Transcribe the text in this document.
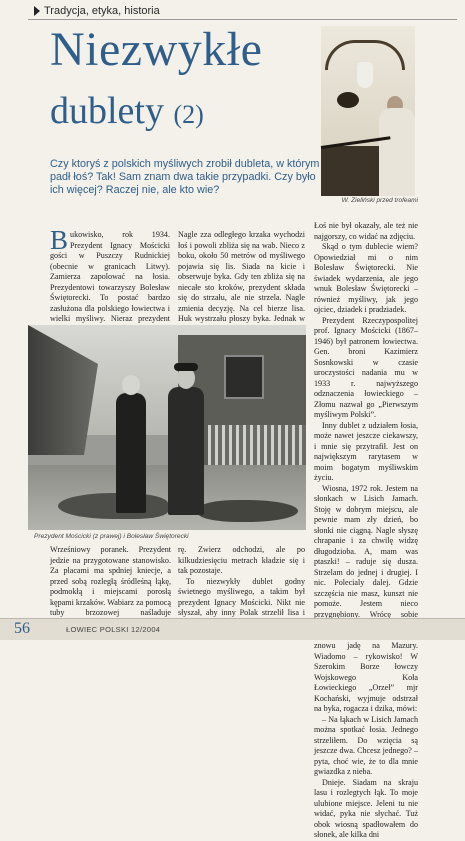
Tradycja, etyka, historia
Niezwykłe
dublety (2)
W. Zieliński przed trofeami
Czy ktoryś z polskich myśliwych zrobił dubleta, w którym padł łoś? Tak! Sam znam dwa takie przypadki. Czy było ich więcej? Raczej nie, ale kto wie?

Bukowisko, rok 1934. Prezydent Ignacy Mościcki gości w Puszczy Rudnickiej (obecnie w granicach Litwy). Zamierza zapolować na łosia. Prezydentowi towarzyszy Bolesław Świętorecki. To postać bardzo zasłużona dla polskiego łowiectwa i wielki myśliwy. Nieraz prezydent

Nagle zza odległego krzaka wychodzi łoś i powoli zbliża się na wab. Nieco z boku, około 50 metrów od myśliwego pojawia się lis. Siada na kicie i obserwuje byka. Gdy ten zbliża się na niecałe sto kroków, prezydent składa się do strzału, ale nie strzela. Nagle zmienia decyzję. Na cel bierze lisa. Huk wystrzału płoszy byka. Jednak w

Łoś nie był okazały, ale też nie najgorszy, co widać na zdjęciu.

Skąd o tym dublecie wiem? Opowiedział mi o nim Bolesław Świętorecki. Nie świadek wydarzenia, ale jego wnuk Bolesław Świętorecki – również myśliwy, jak jego ojciec, dziadek i pradziadek.

Prezydent Rzeczypospolitej prof. Ignacy Mościcki (1867–1946) był patronem łowiectwa. Gen. broni Kazimierz Sosnkowski w czasie uroczystości nadania mu w 1933 r. najwyższego odznaczenia łowieckiego – Złomu nazwał go „Pierwszym myśliwym Polski”.

Inny dublet z udziałem łosia, może nawet jeszcze ciekawszy, i mnie się przytrafił. Jest on największym rarytasem w moim bogatym myśliwskim życiu.

Wiosna, 1972 rok. Jestem na słonkach w Lisich Jamach. Stoję w dobrym miejscu, ale pewnie mam zły dzień, bo słonki nie ciągną. Nagle słyszę chrapanie i za chwilę widzę długodzioba. A, mam was ptaszki! – raduje się dusza. Strzelam do jednej i drugiej. I nic. Polecialy dalej. Gdzie szczęścia nie masz, kunszt nie pomoże. Jestem nieco przygnębiony. Wrócę sobie

znowu jadę na Mazury. Wiadomo – rykowisko! W Szerokim Borze łowczy Wojskowego Koła Łowieckiego „Orzeł” mjr Kochański, wyjmuje odstrzał na byka, rogacza i dzika, mówi:

– Na łąkach w Lisich Jamach można spotkać łosia. Jednego strzeliłem. Do wzięcia są jeszcze dwa. Chcesz jednego? – pyta, choć wie, że to dla mnie gwiazdka z nieba.

Dnieje. Siadam na skraju lasu i rozlegtych łąk. To moje ulubione miejsce. Jeleni tu nie widać, pyka nie słychać. Tuż obok wiosną spadłowałem do słonek, ale kilka dni

Prezydent Mościcki (z prawej) i Bolesław Świętorecki

Wrześniowy poranek. Prezydent jedzie na przygotowane stanowisko. Za placami ma spdniej kniecje, a przed sobą rozległą śródleśną łąkę, podmokłą i miejscami porosłą kępami krzaków. Wabiarz za pomocą tuby brzozowej naśladuje

rę. Zwierz odchodzi, ale po kilkudziesięciu metrach kładzie się i tak pozostaje.

To niezwykły dublet godny świetnego myśliwego, a takim był prezydent Ignacy Mościcki. Nikt nie słyszał, aby inny Polak strzelił lisa i

56	ŁOWIEC POLSKI 12/2004
